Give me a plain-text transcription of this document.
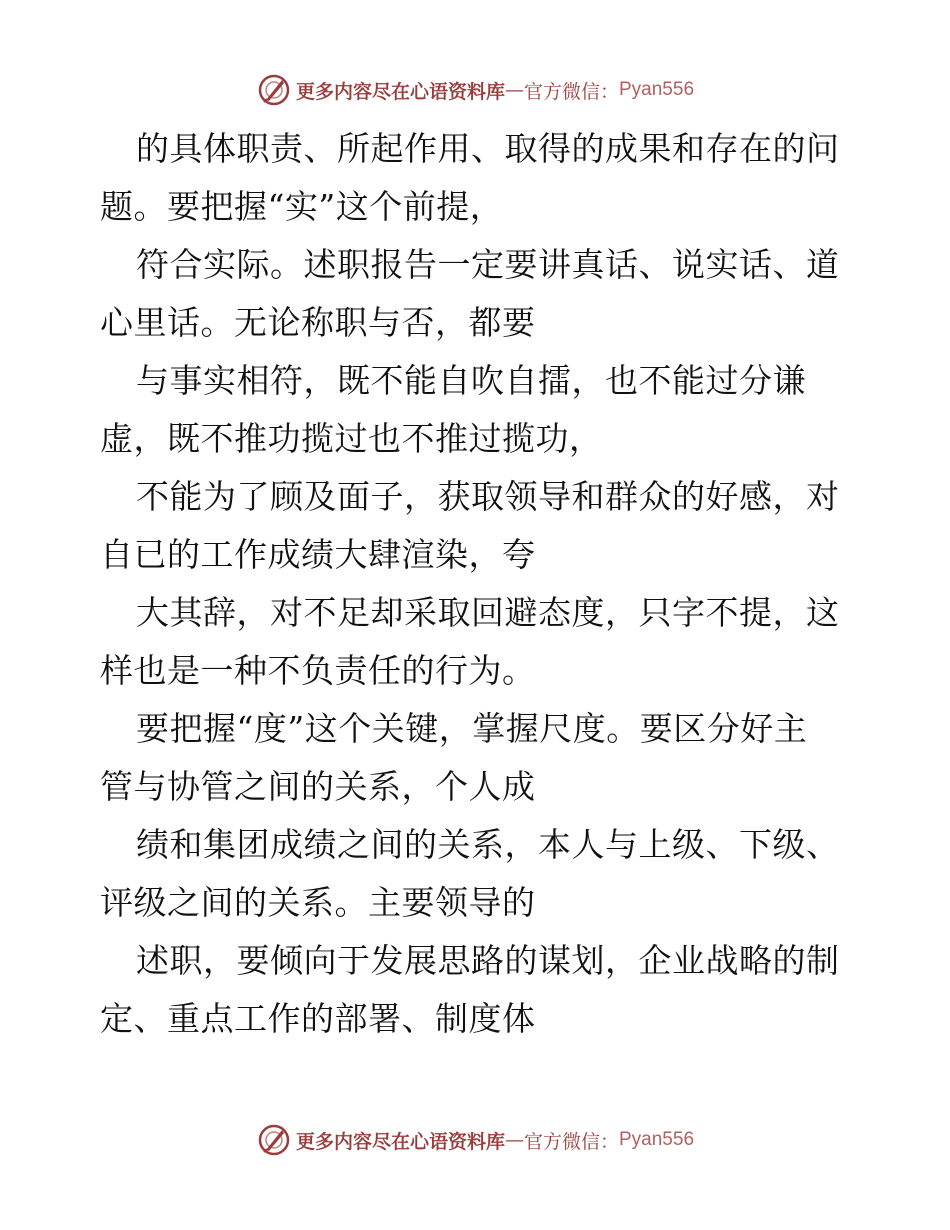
更多内容尽在心语资料库 — 官方微信： Pyan556
的具体职责、所起作用、取得的成果和存在的问
题。要把握“实”这个前提，
符合实际。述职报告一定要讲真话、说实话、道
心里话。无论称职与否，都要
与事实相符，既不能自吹自擂，也不能过分谦
虚，既不推功揽过也不推过揽功，
不能为了顾及面子，获取领导和群众的好感，对
自已的工作成绩大肆渲染，夸
大其辞，对不足却采取回避态度，只字不提，这
样也是一种不负责任的行为。
要把握“度”这个关键，掌握尺度。要区分好主
管与协管之间的关系，个人成
绩和集团成绩之间的关系，本人与上级、下级、
评级之间的关系。主要领导的
述职，要倾向于发展思路的谋划，企业战略的制
定、重点工作的部署、制度体
更多内容尽在心语资料库 — 官方微信： Pyan556
